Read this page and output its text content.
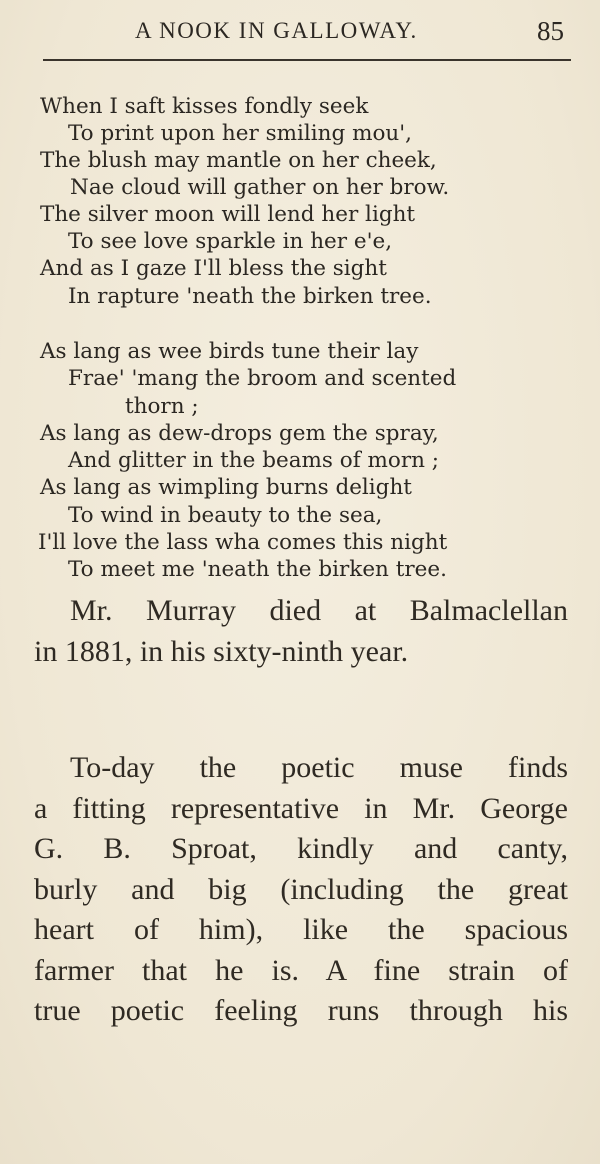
A NOOK IN GALLOWAY.	85
When I saft kisses fondly seek
To print upon her smiling mou',
The blush may mantle on her cheek,
Nae cloud will gather on her brow.
The silver moon will lend her light
To see love sparkle in her e'e,
And as I gaze I'll bless the sight
In rapture 'neath the birken tree.
As lang as wee birds tune their lay
Frae' 'mang the broom and scented
thorn ;
As lang as dew-drops gem the spray,
And glitter in the beams of morn ;
As lang as wimpling burns delight
To wind in beauty to the sea,
I'll love the lass wha comes this night
To meet me 'neath the birken tree.
Mr. Murray died at Balmaclellan
in 1881, in his sixty-ninth year.
To-day the poetic muse finds
a fitting representative in Mr. George
G. B. Sproat, kindly and canty,
burly and big (including the great
heart of him), like the spacious
farmer that he is. A fine strain of
true poetic feeling runs through his
